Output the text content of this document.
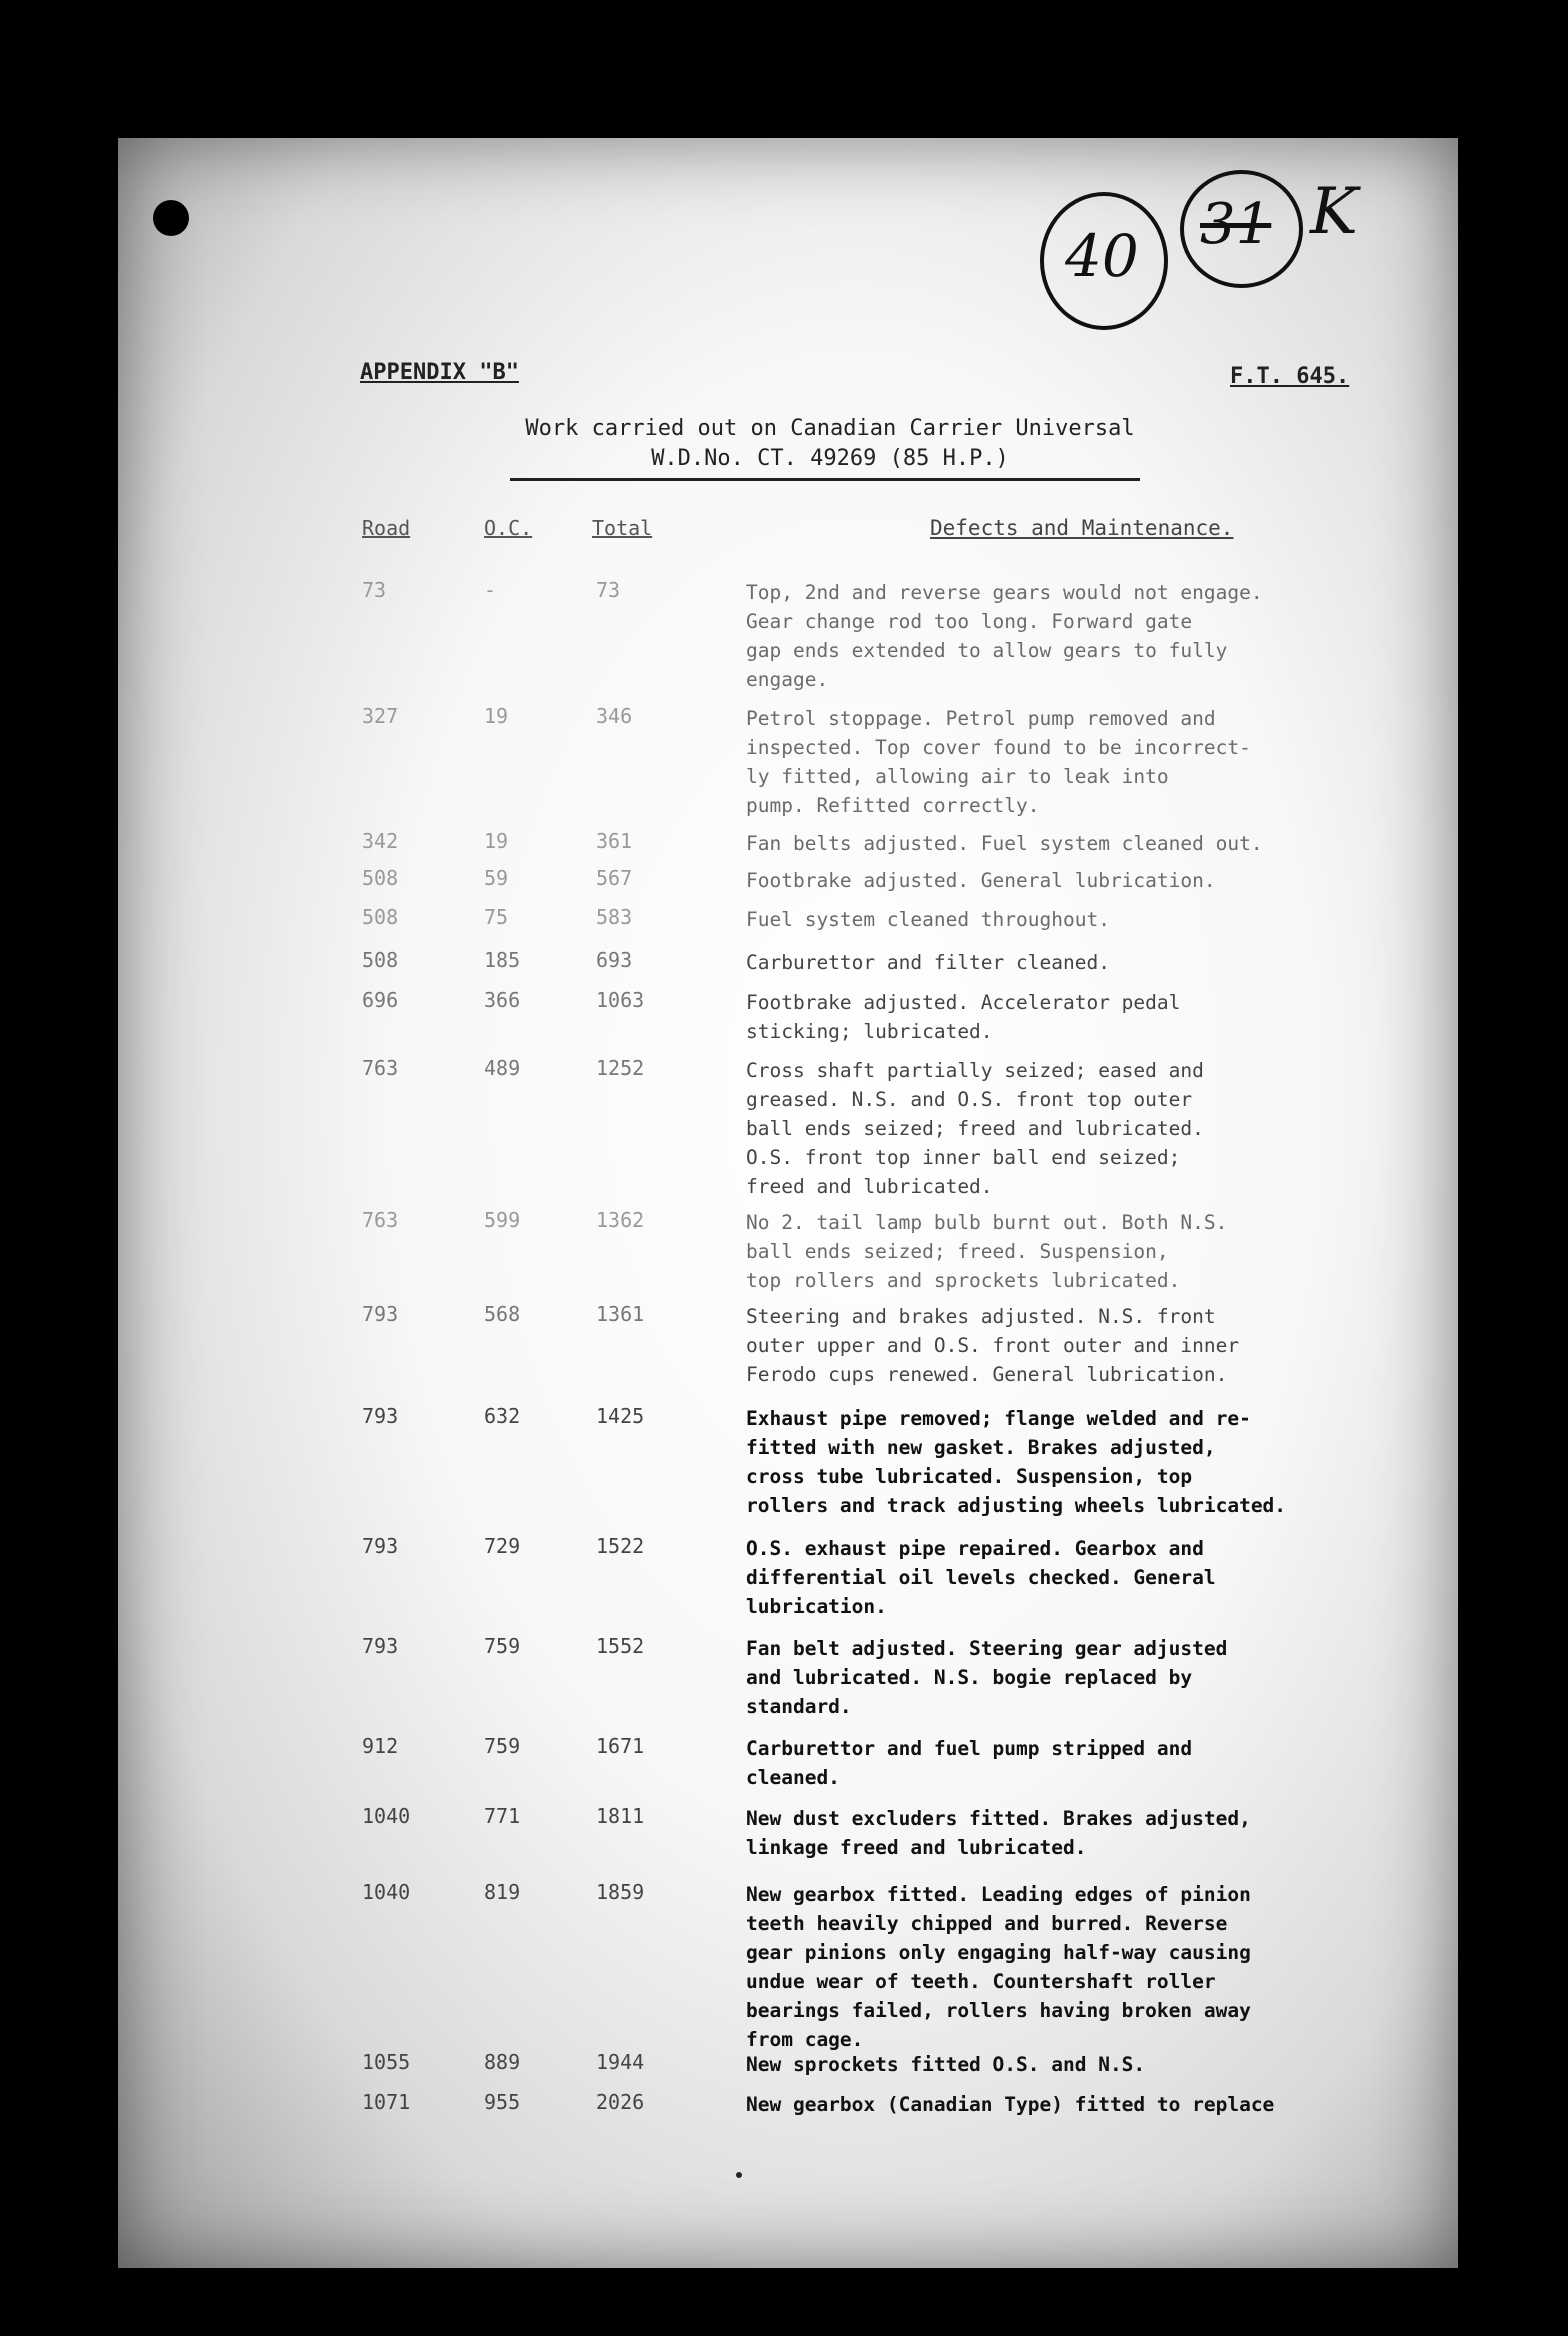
40 31 K
APPENDIX "B"	F.T. 645.
Work carried out on Canadian Carrier Universal
W.D.No. CT. 49269 (85 H.P.)
Road	O.C.	Total	Defects and Maintenance.
73	-	73	Top, 2nd and reverse gears would not engage.
Gear change rod too long. Forward gate
gap ends extended to allow gears to fully
engage.
327	19	346	Petrol stoppage. Petrol pump removed and
inspected. Top cover found to be incorrect-
ly fitted, allowing air to leak into
pump. Refitted correctly.
342	19	361	Fan belts adjusted. Fuel system cleaned out.
508	59	567	Footbrake adjusted. General lubrication.
508	75	583	Fuel system cleaned throughout.
508	185	693	Carburettor and filter cleaned.
696	366	1063	Footbrake adjusted. Accelerator pedal
sticking; lubricated.
763	489	1252	Cross shaft partially seized; eased and
greased. N.S. and O.S. front top outer
ball ends seized; freed and lubricated.
O.S. front top inner ball end seized;
freed and lubricated.
763	599	1362	No 2. tail lamp bulb burnt out. Both N.S.
ball ends seized; freed. Suspension,
top rollers and sprockets lubricated.
793	568	1361	Steering and brakes adjusted. N.S. front
outer upper and O.S. front outer and inner
Ferodo cups renewed. General lubrication.
793	632	1425	Exhaust pipe removed; flange welded and re-
fitted with new gasket. Brakes adjusted,
cross tube lubricated. Suspension, top
rollers and track adjusting wheels lubricated.
793	729	1522	O.S. exhaust pipe repaired. Gearbox and
differential oil levels checked. General
lubrication.
793	759	1552	Fan belt adjusted. Steering gear adjusted
and lubricated. N.S. bogie replaced by
standard.
912	759	1671	Carburettor and fuel pump stripped and
cleaned.
1040	771	1811	New dust excluders fitted. Brakes adjusted,
linkage freed and lubricated.
1040	819	1859	New gearbox fitted. Leading edges of pinion
teeth heavily chipped and burred. Reverse
gear pinions only engaging half-way causing
undue wear of teeth. Countershaft roller
bearings failed, rollers having broken away
from cage.
1055	889	1944	New sprockets fitted O.S. and N.S.
1071	955	2026	New gearbox (Canadian Type) fitted to replace
